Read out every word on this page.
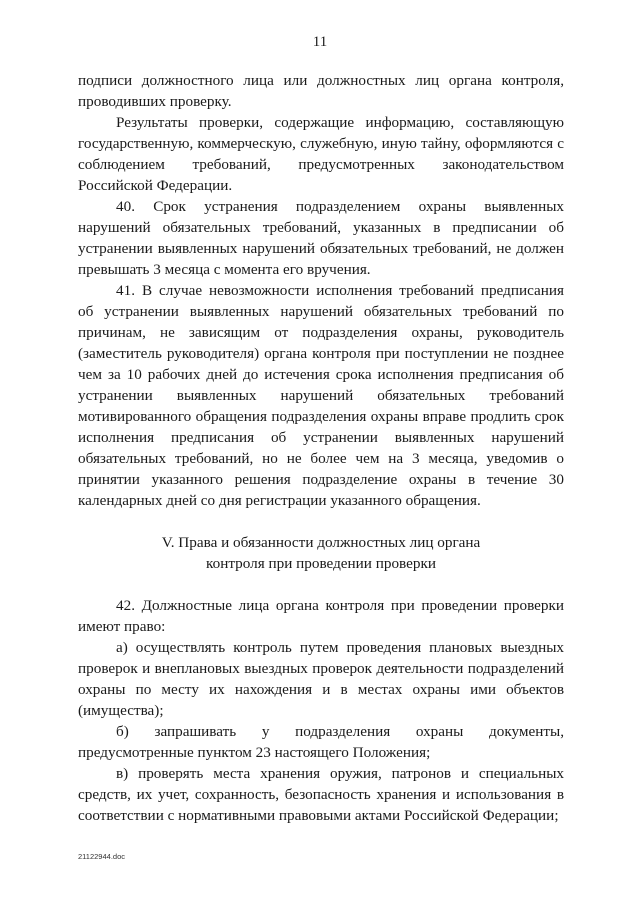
11

подписи должностного лица или должностных лиц органа контроля, проводивших проверку.

Результаты проверки, содержащие информацию, составляющую государственную, коммерческую, служебную, иную тайну, оформляются с соблюдением требований, предусмотренных законодательством Российской Федерации.

40. Срок устранения подразделением охраны выявленных нарушений обязательных требований, указанных в предписании об устранении выявленных нарушений обязательных требований, не должен превышать 3 месяца с момента его вручения.

41. В случае невозможности исполнения требований предписания об устранении выявленных нарушений обязательных требований по причинам, не зависящим от подразделения охраны, руководитель (заместитель руководителя) органа контроля при поступлении не позднее чем за 10 рабочих дней до истечения срока исполнения предписания об устранении выявленных нарушений обязательных требований мотивированного обращения подразделения охраны вправе продлить срок исполнения предписания об устранении выявленных нарушений обязательных требований, но не более чем на 3 месяца, уведомив о принятии указанного решения подразделение охраны в течение 30 календарных дней со дня регистрации указанного обращения.

V. Права и обязанности должностных лиц органа
контроля при проведении проверки

42. Должностные лица органа контроля при проведении проверки имеют право:

а) осуществлять контроль путем проведения плановых выездных проверок и внеплановых выездных проверок деятельности подразделений охраны по месту их нахождения и в местах охраны ими объектов (имущества);

б) запрашивать у подразделения охраны документы, предусмотренные пунктом 23 настоящего Положения;

в) проверять места хранения оружия, патронов и специальных средств, их учет, сохранность, безопасность хранения и использования в соответствии с нормативными правовыми актами Российской Федерации;

21122944.doc
